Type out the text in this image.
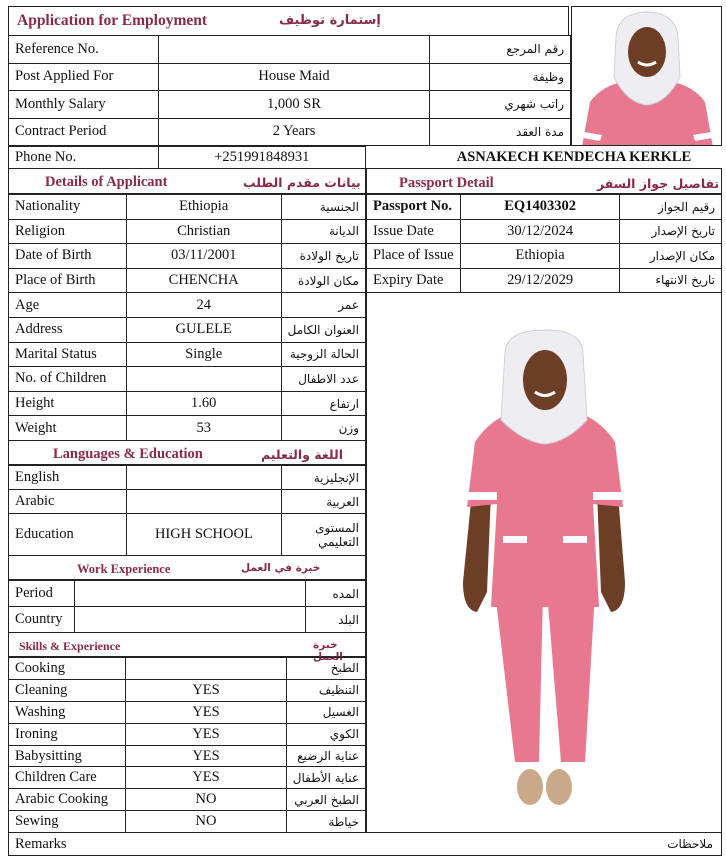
Application for Employment	إستمارة توظيف
Reference No.		رقم المرجع
Post Applied For	House Maid	وظيفة
Monthly Salary	1,000 SR	راتب شهري
Contract Period	2 Years	مدة العقد
Phone No.	+251991848931	ASNAKECH KENDECHA KERKLE
Details of Applicant	بيانات مقدم الطلب
Nationality	Ethiopia	الجنسية
Religion	Christian	الديانة
Date of Birth	03/11/2001	تاريخ الولادة
Place of Birth	CHENCHA	مكان الولادة
Age	24	عمر
Address	GULELE	العنوان الكامل
Marital Status	Single	الحالة الزوجية
No. of Children		عدد الاطفال
Height	1.60	ارتفاع
Weight	53	وزن
Passport Detail	تفاصيل جواز السفر
Passport No.	EQ1403302	رقيم الجواز
Issue Date	30/12/2024	تاريخ الإصدار
Place of Issue	Ethiopia	مكان الإصدار
Expiry Date	29/12/2029	تاريخ الانتهاء
Languages & Education	اللغة والتعليم
English		الإنجليزية
Arabic		العربية
Education	HIGH SCHOOL	المستوى التعليمي
Work Experience	خبرة في العمل
Period		المده
Country		البلد
Skills & Experience	خبرة العمل
Cooking		الطبخ
Cleaning	YES	التنظيف
Washing	YES	الغسيل
Ironing	YES	الكوي
Babysitting	YES	عناية الرضيع
Children Care	YES	عناية الأطفال
Arabic Cooking	NO	الطبخ العربي
Sewing	NO	خياطة
Remarks	ملاحظات
